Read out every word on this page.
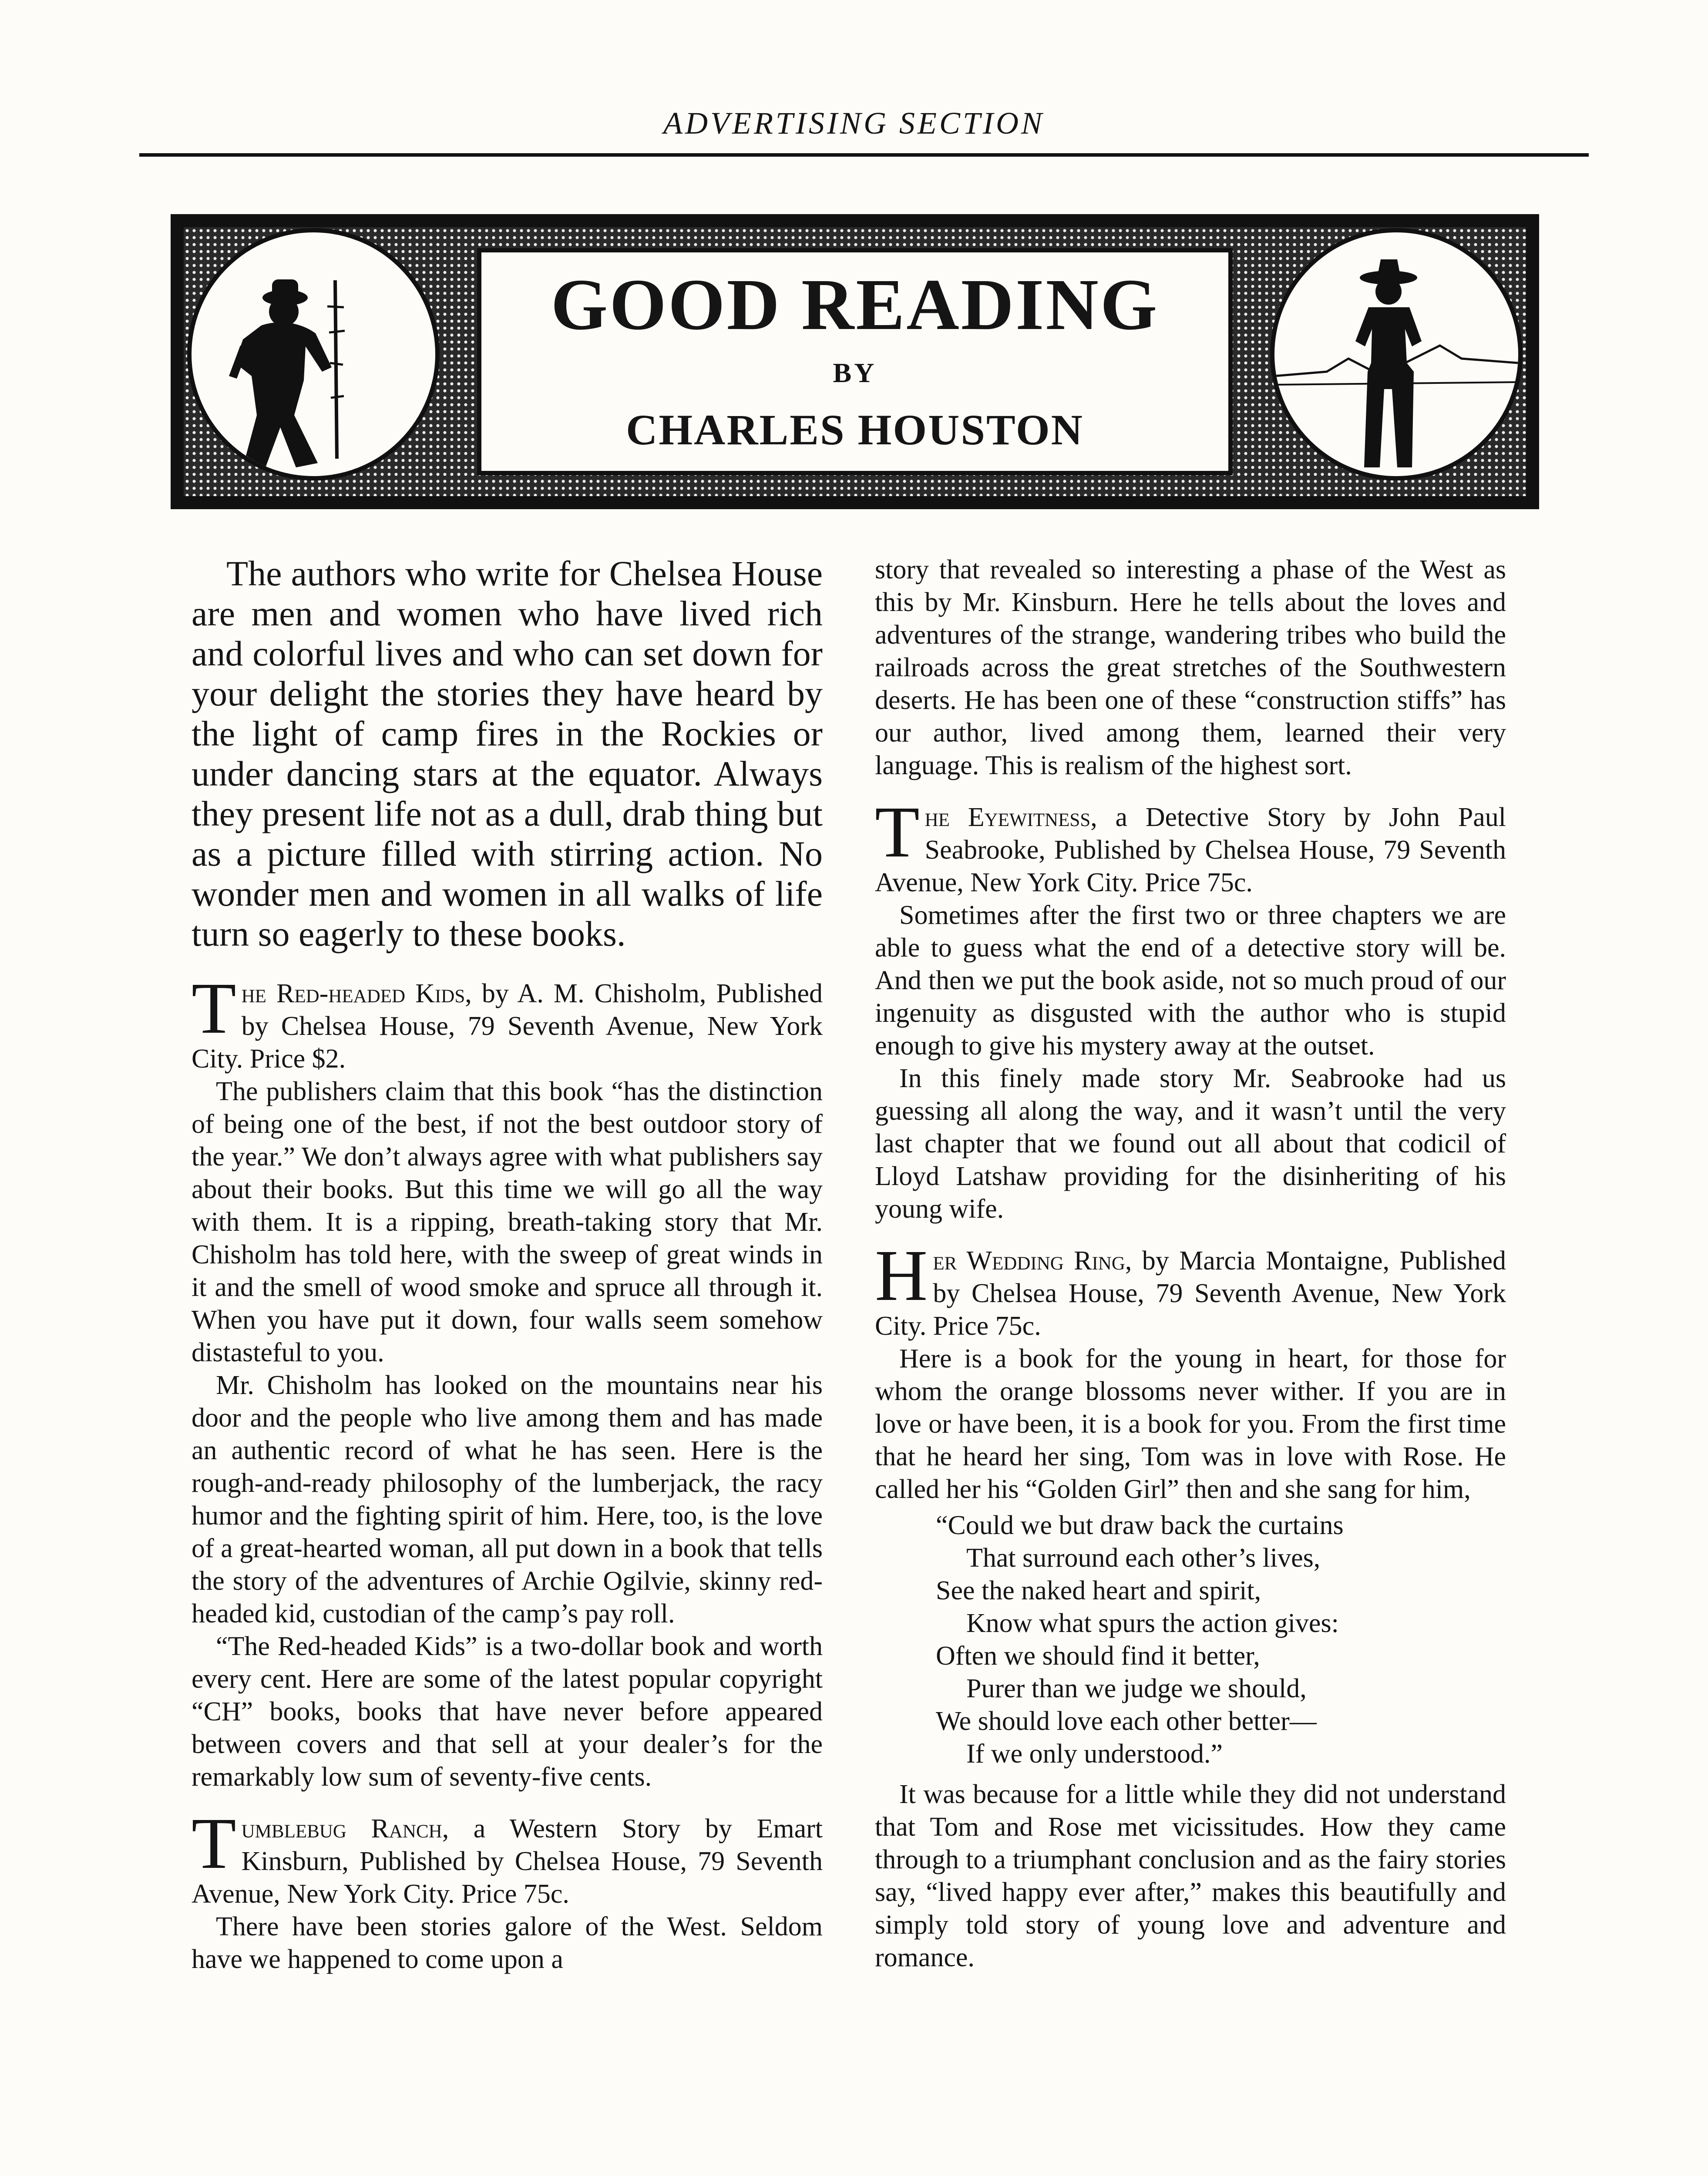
ADVERTISING SECTION
GOOD READING
BY
CHARLES HOUSTON

The authors who write for Chelsea House are men and women who have lived rich and colorful lives and who can set down for your delight the stories they have heard by the light of camp fires in the Rockies or under dancing stars at the equator. Always they present life not as a dull, drab thing but as a picture filled with stirring action. No wonder men and women in all walks of life turn so eagerly to these books.

The Red-headed Kids, by A. M. Chisholm, Published by Chelsea House, 79 Seventh Avenue, New York City. Price $2.

The publishers claim that this book “has the distinction of being one of the best, if not the best outdoor story of the year.” We don’t always agree with what publishers say about their books. But this time we will go all the way with them. It is a ripping, breath-taking story that Mr. Chisholm has told here, with the sweep of great winds in it and the smell of wood smoke and spruce all through it. When you have put it down, four walls seem somehow distasteful to you.

Mr. Chisholm has looked on the mountains near his door and the people who live among them and has made an authentic record of what he has seen. Here is the rough-and-ready philosophy of the lumberjack, the racy humor and the fighting spirit of him. Here, too, is the love of a great-hearted woman, all put down in a book that tells the story of the adventures of Archie Ogilvie, skinny red-headed kid, custodian of the camp’s pay roll.

“The Red-headed Kids” is a two-dollar book and worth every cent. Here are some of the latest popular copyright “CH” books, books that have never before appeared between covers and that sell at your dealer’s for the remarkably low sum of seventy-five cents.

Tumblebug Ranch, a Western Story by Emart Kinsburn, Published by Chelsea House, 79 Seventh Avenue, New York City. Price 75c.

There have been stories galore of the West. Seldom have we happened to come upon a

story that revealed so interesting a phase of the West as this by Mr. Kinsburn. Here he tells about the loves and adventures of the strange, wandering tribes who build the railroads across the great stretches of the Southwestern deserts. He has been one of these “construction stiffs” has our author, lived among them, learned their very language. This is realism of the highest sort.

The Eyewitness, a Detective Story by John Paul Seabrooke, Published by Chelsea House, 79 Seventh Avenue, New York City. Price 75c.

Sometimes after the first two or three chapters we are able to guess what the end of a detective story will be. And then we put the book aside, not so much proud of our ingenuity as disgusted with the author who is stupid enough to give his mystery away at the outset.

In this finely made story Mr. Seabrooke had us guessing all along the way, and it wasn’t until the very last chapter that we found out all about that codicil of Lloyd Latshaw providing for the disinheriting of his young wife.

Her Wedding Ring, by Marcia Montaigne, Published by Chelsea House, 79 Seventh Avenue, New York City. Price 75c.

Here is a book for the young in heart, for those for whom the orange blossoms never wither. If you are in love or have been, it is a book for you. From the first time that he heard her sing, Tom was in love with Rose. He called her his “Golden Girl” then and she sang for him,

“Could we but draw back the curtains
That surround each other’s lives,
See the naked heart and spirit,
Know what spurs the action gives:
Often we should find it better,
Purer than we judge we should,
We should love each other better—
If we only understood.”

It was because for a little while they did not understand that Tom and Rose met vicissitudes. How they came through to a triumphant conclusion and as the fairy stories say, “lived happy ever after,” makes this beautifully and simply told story of young love and adventure and romance.
